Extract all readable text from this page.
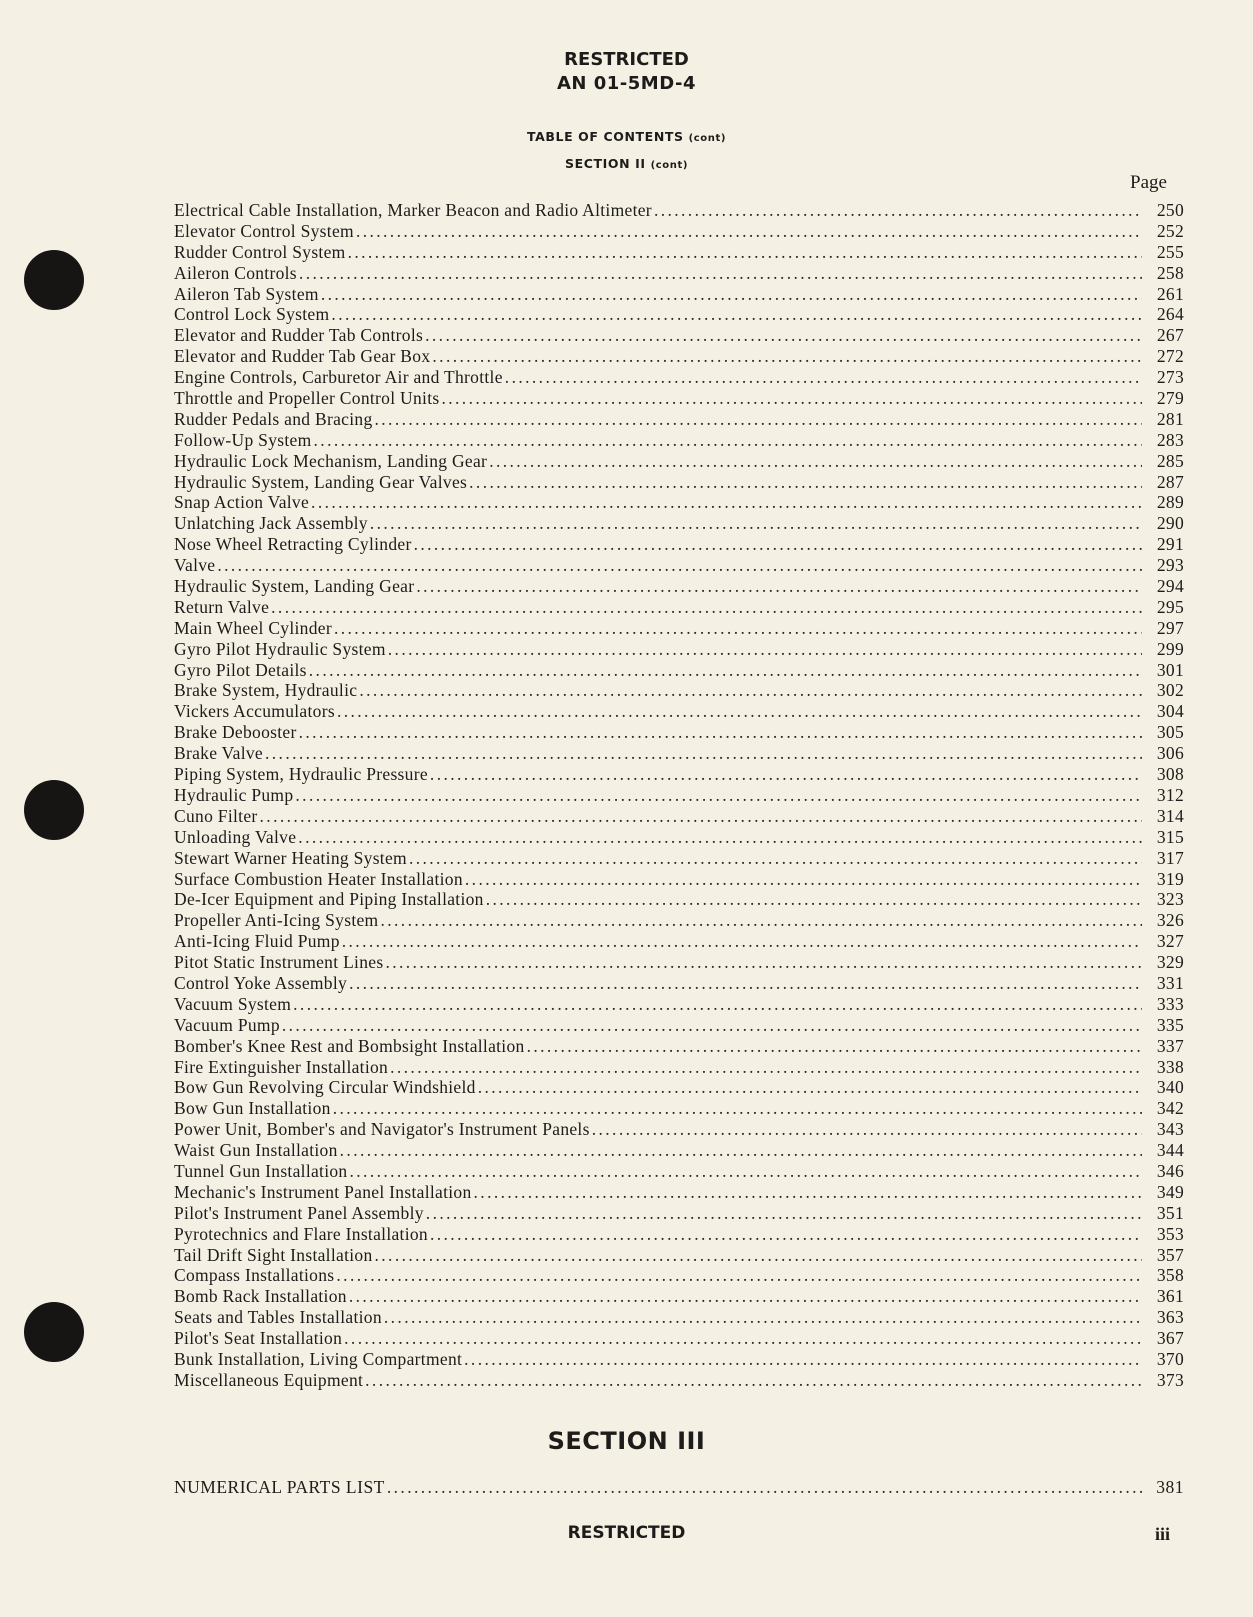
RESTRICTED
AN 01-5MD-4
TABLE OF CONTENTS (cont)
SECTION II (cont)
Page
Electrical Cable Installation, Marker Beacon and Radio Altimeter .....	250
Elevator Control System .....	252
Rudder Control System .....	255
Aileron Controls .....	258
Aileron Tab System .....	261
Control Lock System .....	264
Elevator and Rudder Tab Controls .....	267
Elevator and Rudder Tab Gear Box .....	272
Engine Controls, Carburetor Air and Throttle .....	273
Throttle and Propeller Control Units .....	279
Rudder Pedals and Bracing .....	281
Follow-Up System .....	283
Hydraulic Lock Mechanism, Landing Gear .....	285
Hydraulic System, Landing Gear Valves .....	287
Snap Action Valve .....	289
Unlatching Jack Assembly .....	290
Nose Wheel Retracting Cylinder .....	291
Valve .....	293
Hydraulic System, Landing Gear .....	294
Return Valve .....	295
Main Wheel Cylinder .....	297
Gyro Pilot Hydraulic System .....	299
Gyro Pilot Details .....	301
Brake System, Hydraulic .....	302
Vickers Accumulators .....	304
Brake Debooster .....	305
Brake Valve .....	306
Piping System, Hydraulic Pressure .....	308
Hydraulic Pump .....	312
Cuno Filter .....	314
Unloading Valve .....	315
Stewart Warner Heating System .....	317
Surface Combustion Heater Installation .....	319
De-Icer Equipment and Piping Installation .....	323
Propeller Anti-Icing System .....	326
Anti-Icing Fluid Pump .....	327
Pitot Static Instrument Lines .....	329
Control Yoke Assembly .....	331
Vacuum System .....	333
Vacuum Pump .....	335
Bomber's Knee Rest and Bombsight Installation .....	337
Fire Extinguisher Installation .....	338
Bow Gun Revolving Circular Windshield .....	340
Bow Gun Installation .....	342
Power Unit, Bomber's and Navigator's Instrument Panels .....	343
Waist Gun Installation .....	344
Tunnel Gun Installation .....	346
Mechanic's Instrument Panel Installation .....	349
Pilot's Instrument Panel Assembly .....	351
Pyrotechnics and Flare Installation .....	353
Tail Drift Sight Installation .....	357
Compass Installations .....	358
Bomb Rack Installation .....	361
Seats and Tables Installation .....	363
Pilot's Seat Installation .....	367
Bunk Installation, Living Compartment .....	370
Miscellaneous Equipment .....	373
SECTION III
NUMERICAL PARTS LIST .....	381
RESTRICTED	iii
